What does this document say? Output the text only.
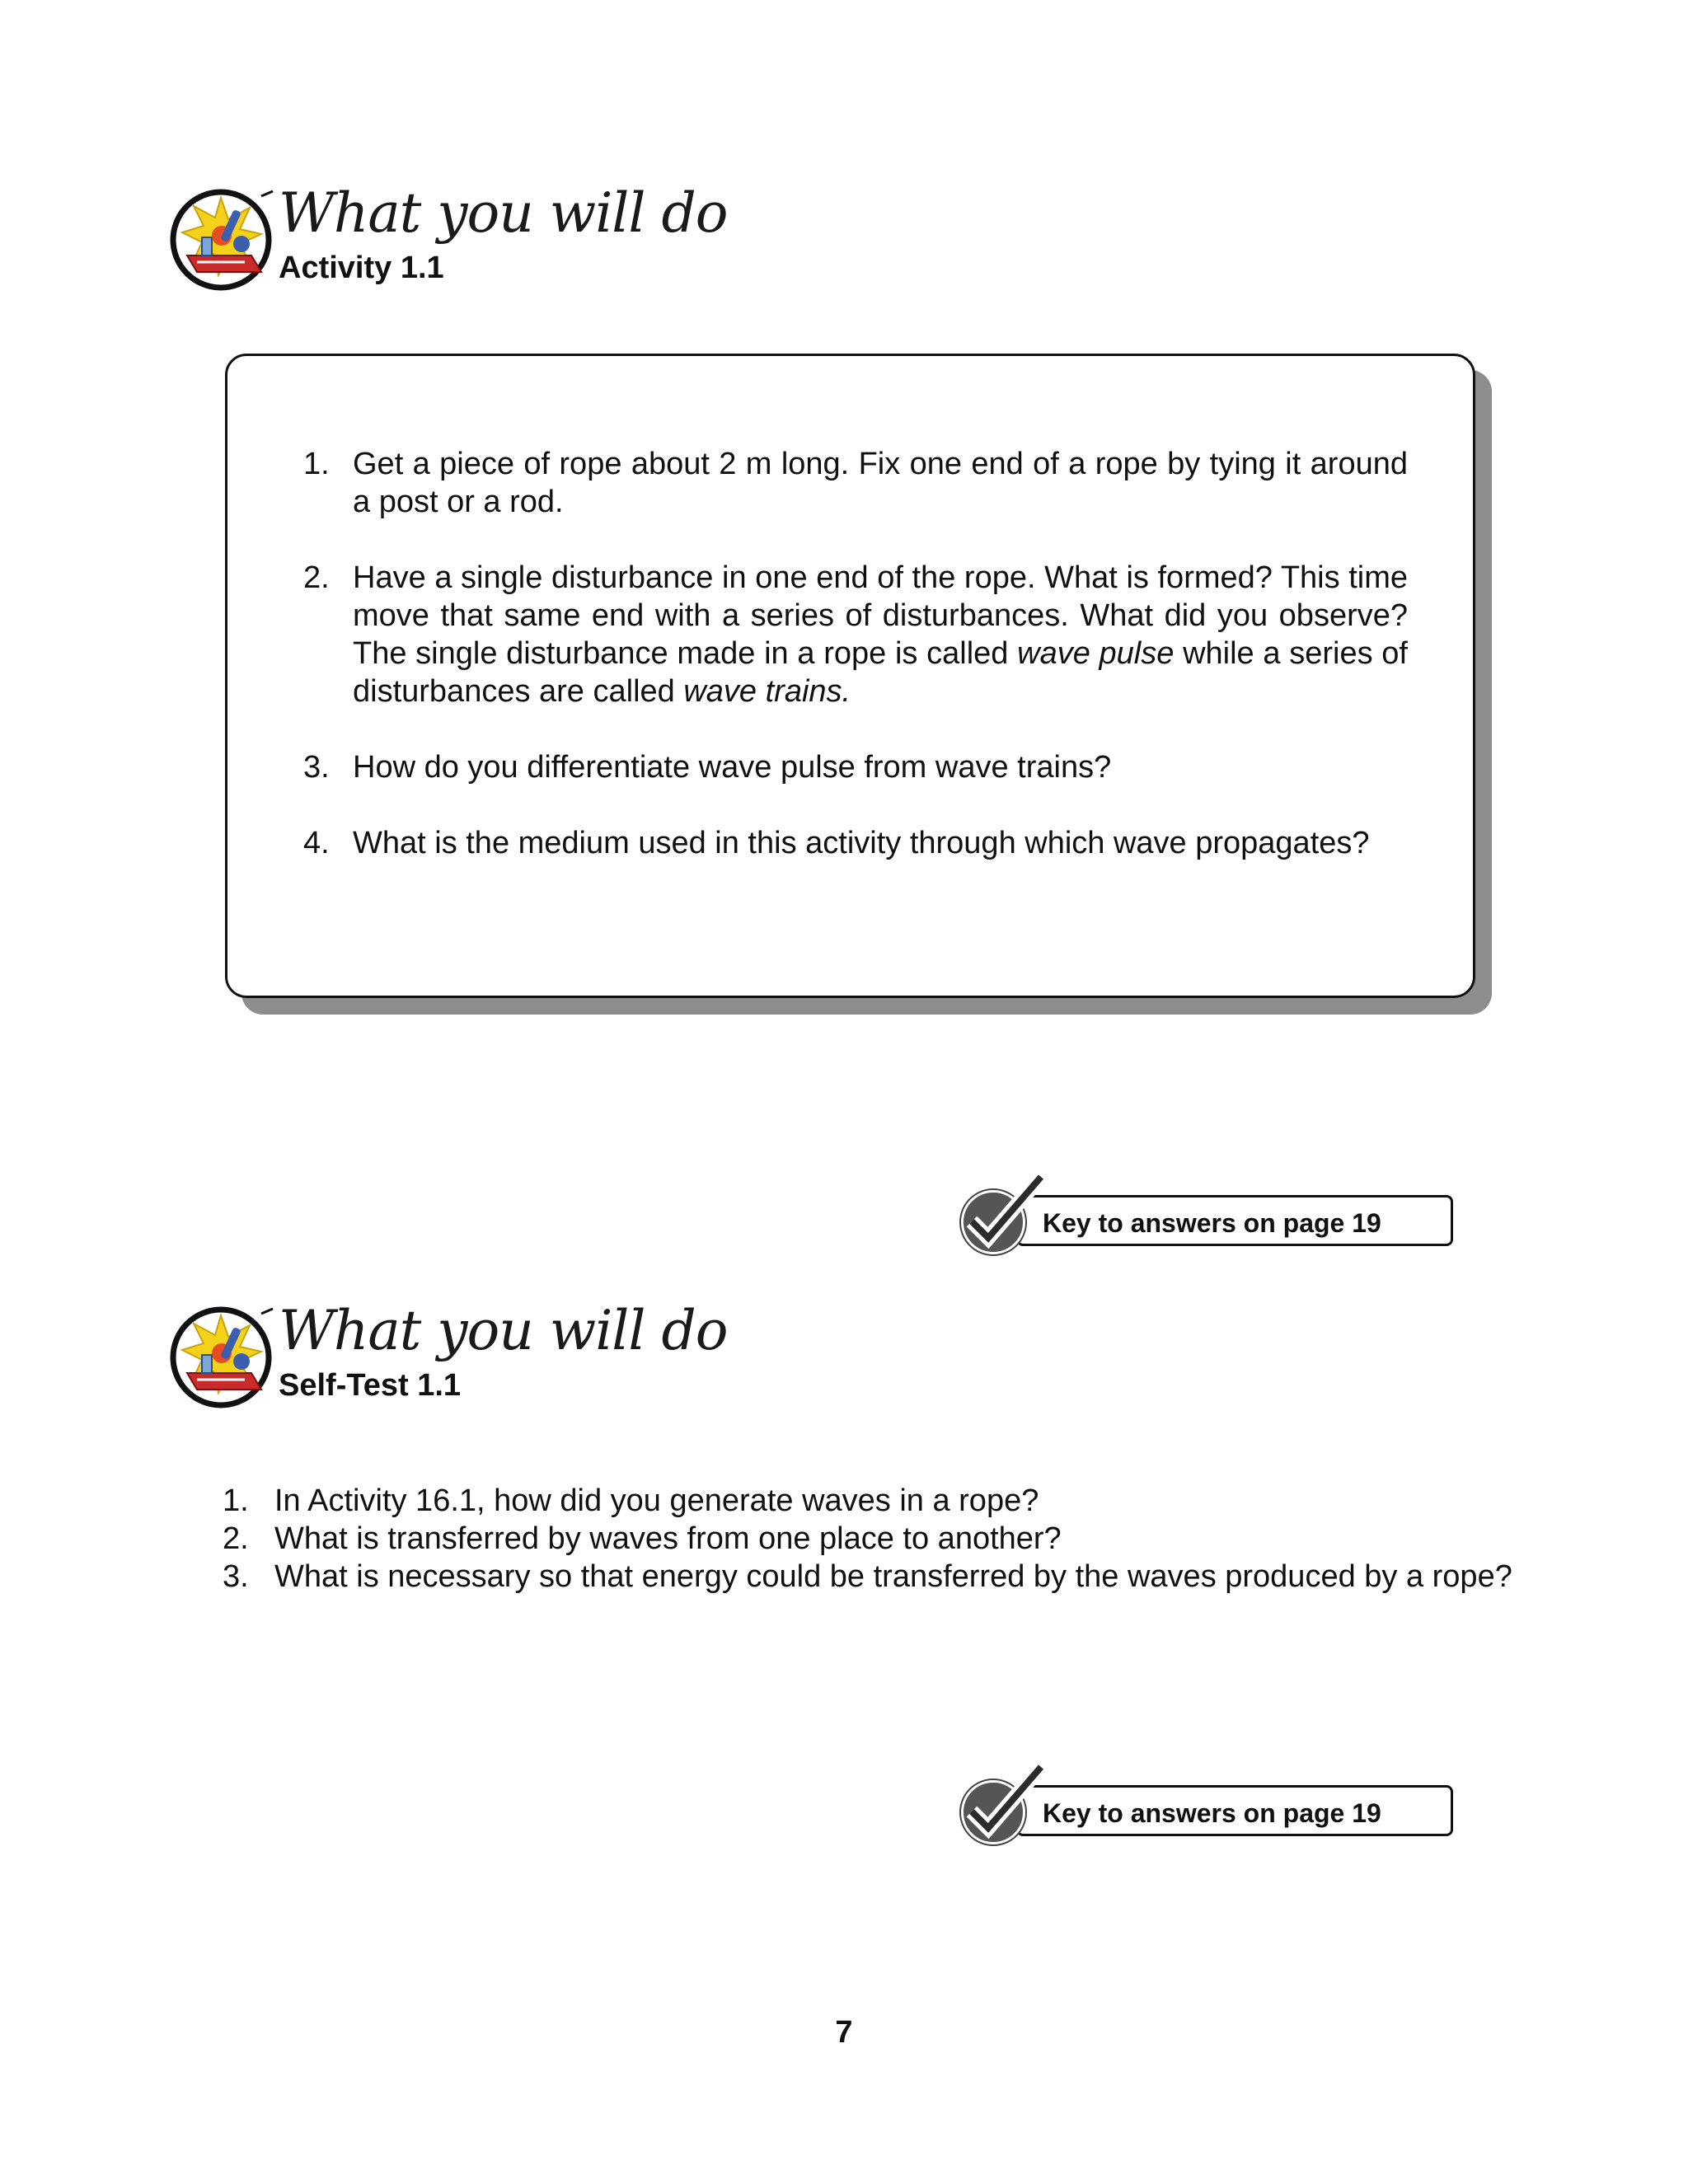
What you will do
Activity 1.1
1. Get a piece of rope about 2 m long. Fix one end of a rope by tying it around a post or a rod.
2. Have a single disturbance in one end of the rope. What is formed? This time move that same end with a series of disturbances. What did you observe? The single disturbance made in a rope is called wave pulse while a series of disturbances are called wave trains.
3. How do you differentiate wave pulse from wave trains?
4. What is the medium used in this activity through which wave propagates?
Key to answers on page 19
What you will do
Self-Test 1.1
1. In Activity 16.1, how did you generate waves in a rope?
2. What is transferred by waves from one place to another?
3. What is necessary so that energy could be transferred by the waves produced by a rope?
Key to answers on page 19
7
